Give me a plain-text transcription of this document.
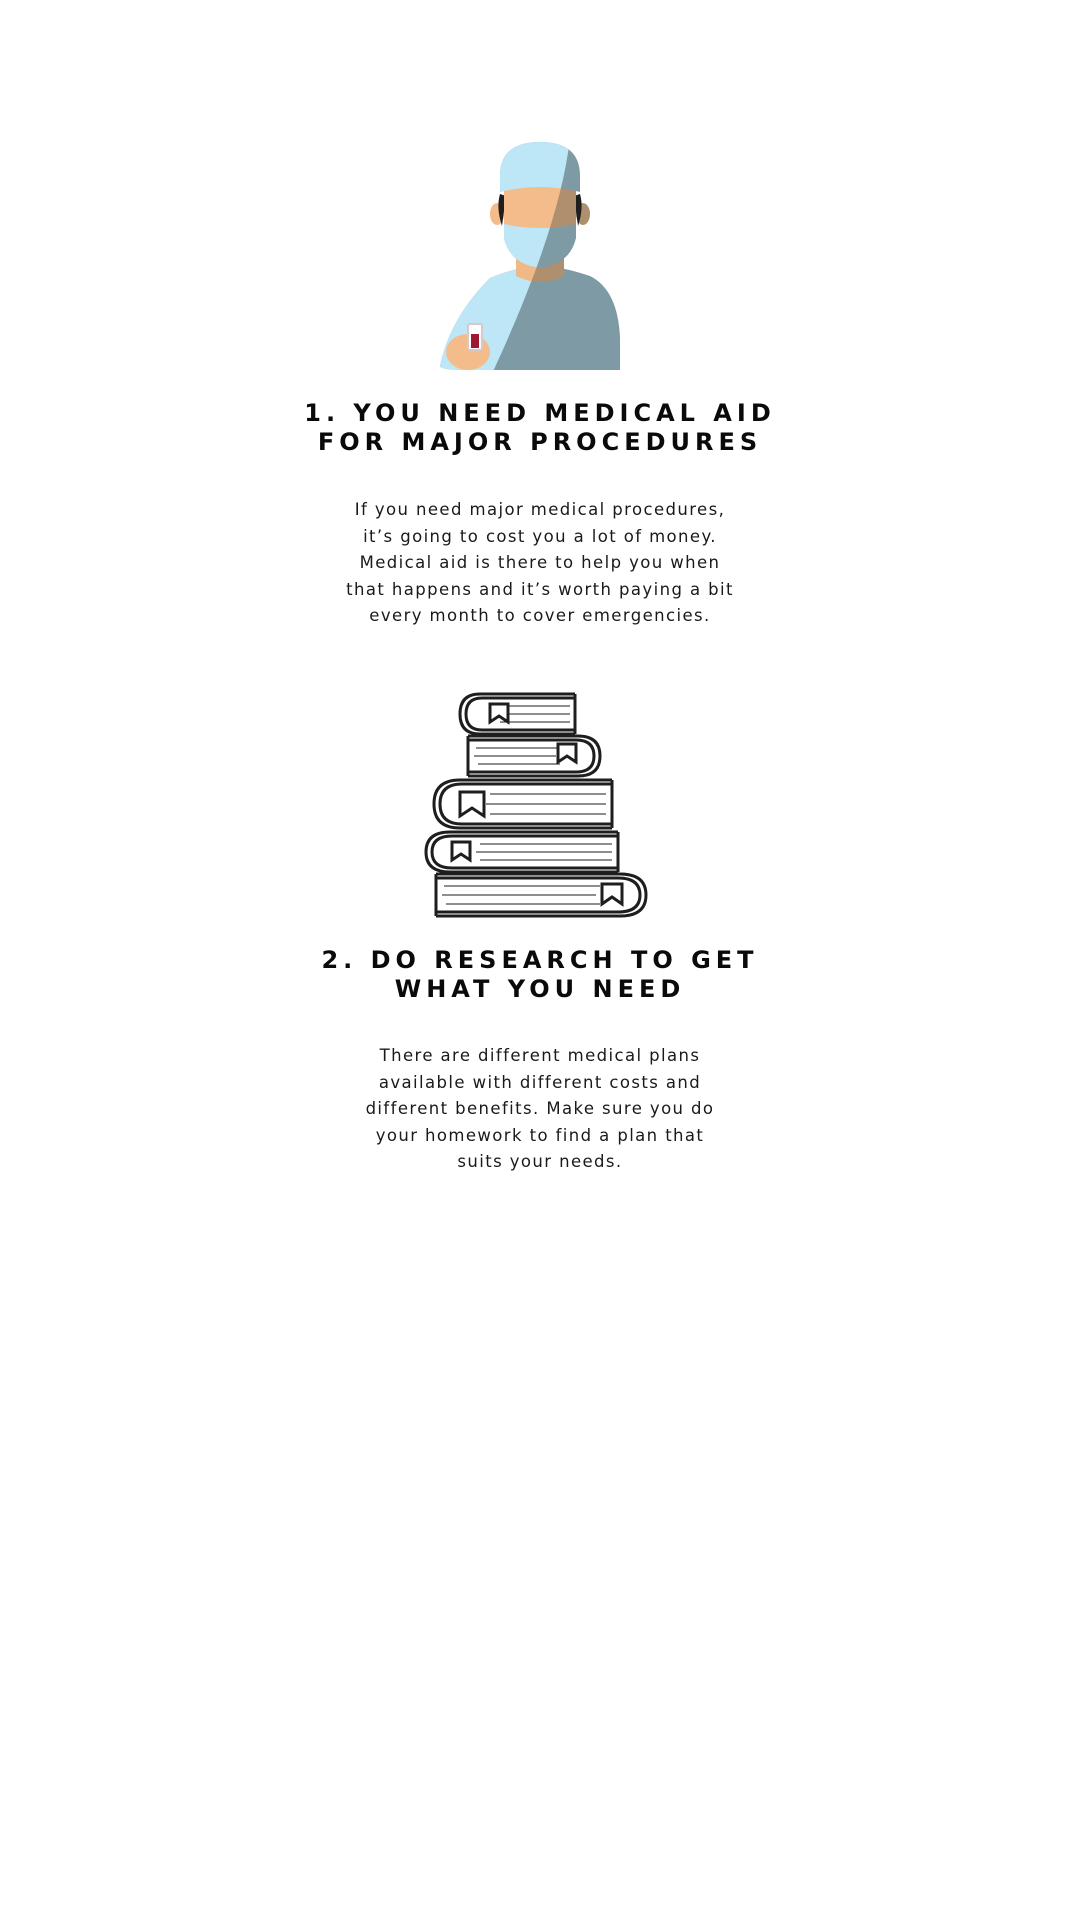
1. YOU NEED MEDICAL AID
FOR MAJOR PROCEDURES

If you need major medical procedures,
it’s going to cost you a lot of money.
Medical aid is there to help you when
that happens and it’s worth paying a bit
every month to cover emergencies.

2. DO RESEARCH TO GET
WHAT YOU NEED

There are different medical plans
available with different costs and
different benefits. Make sure you do
your homework to find a plan that
suits your needs.
